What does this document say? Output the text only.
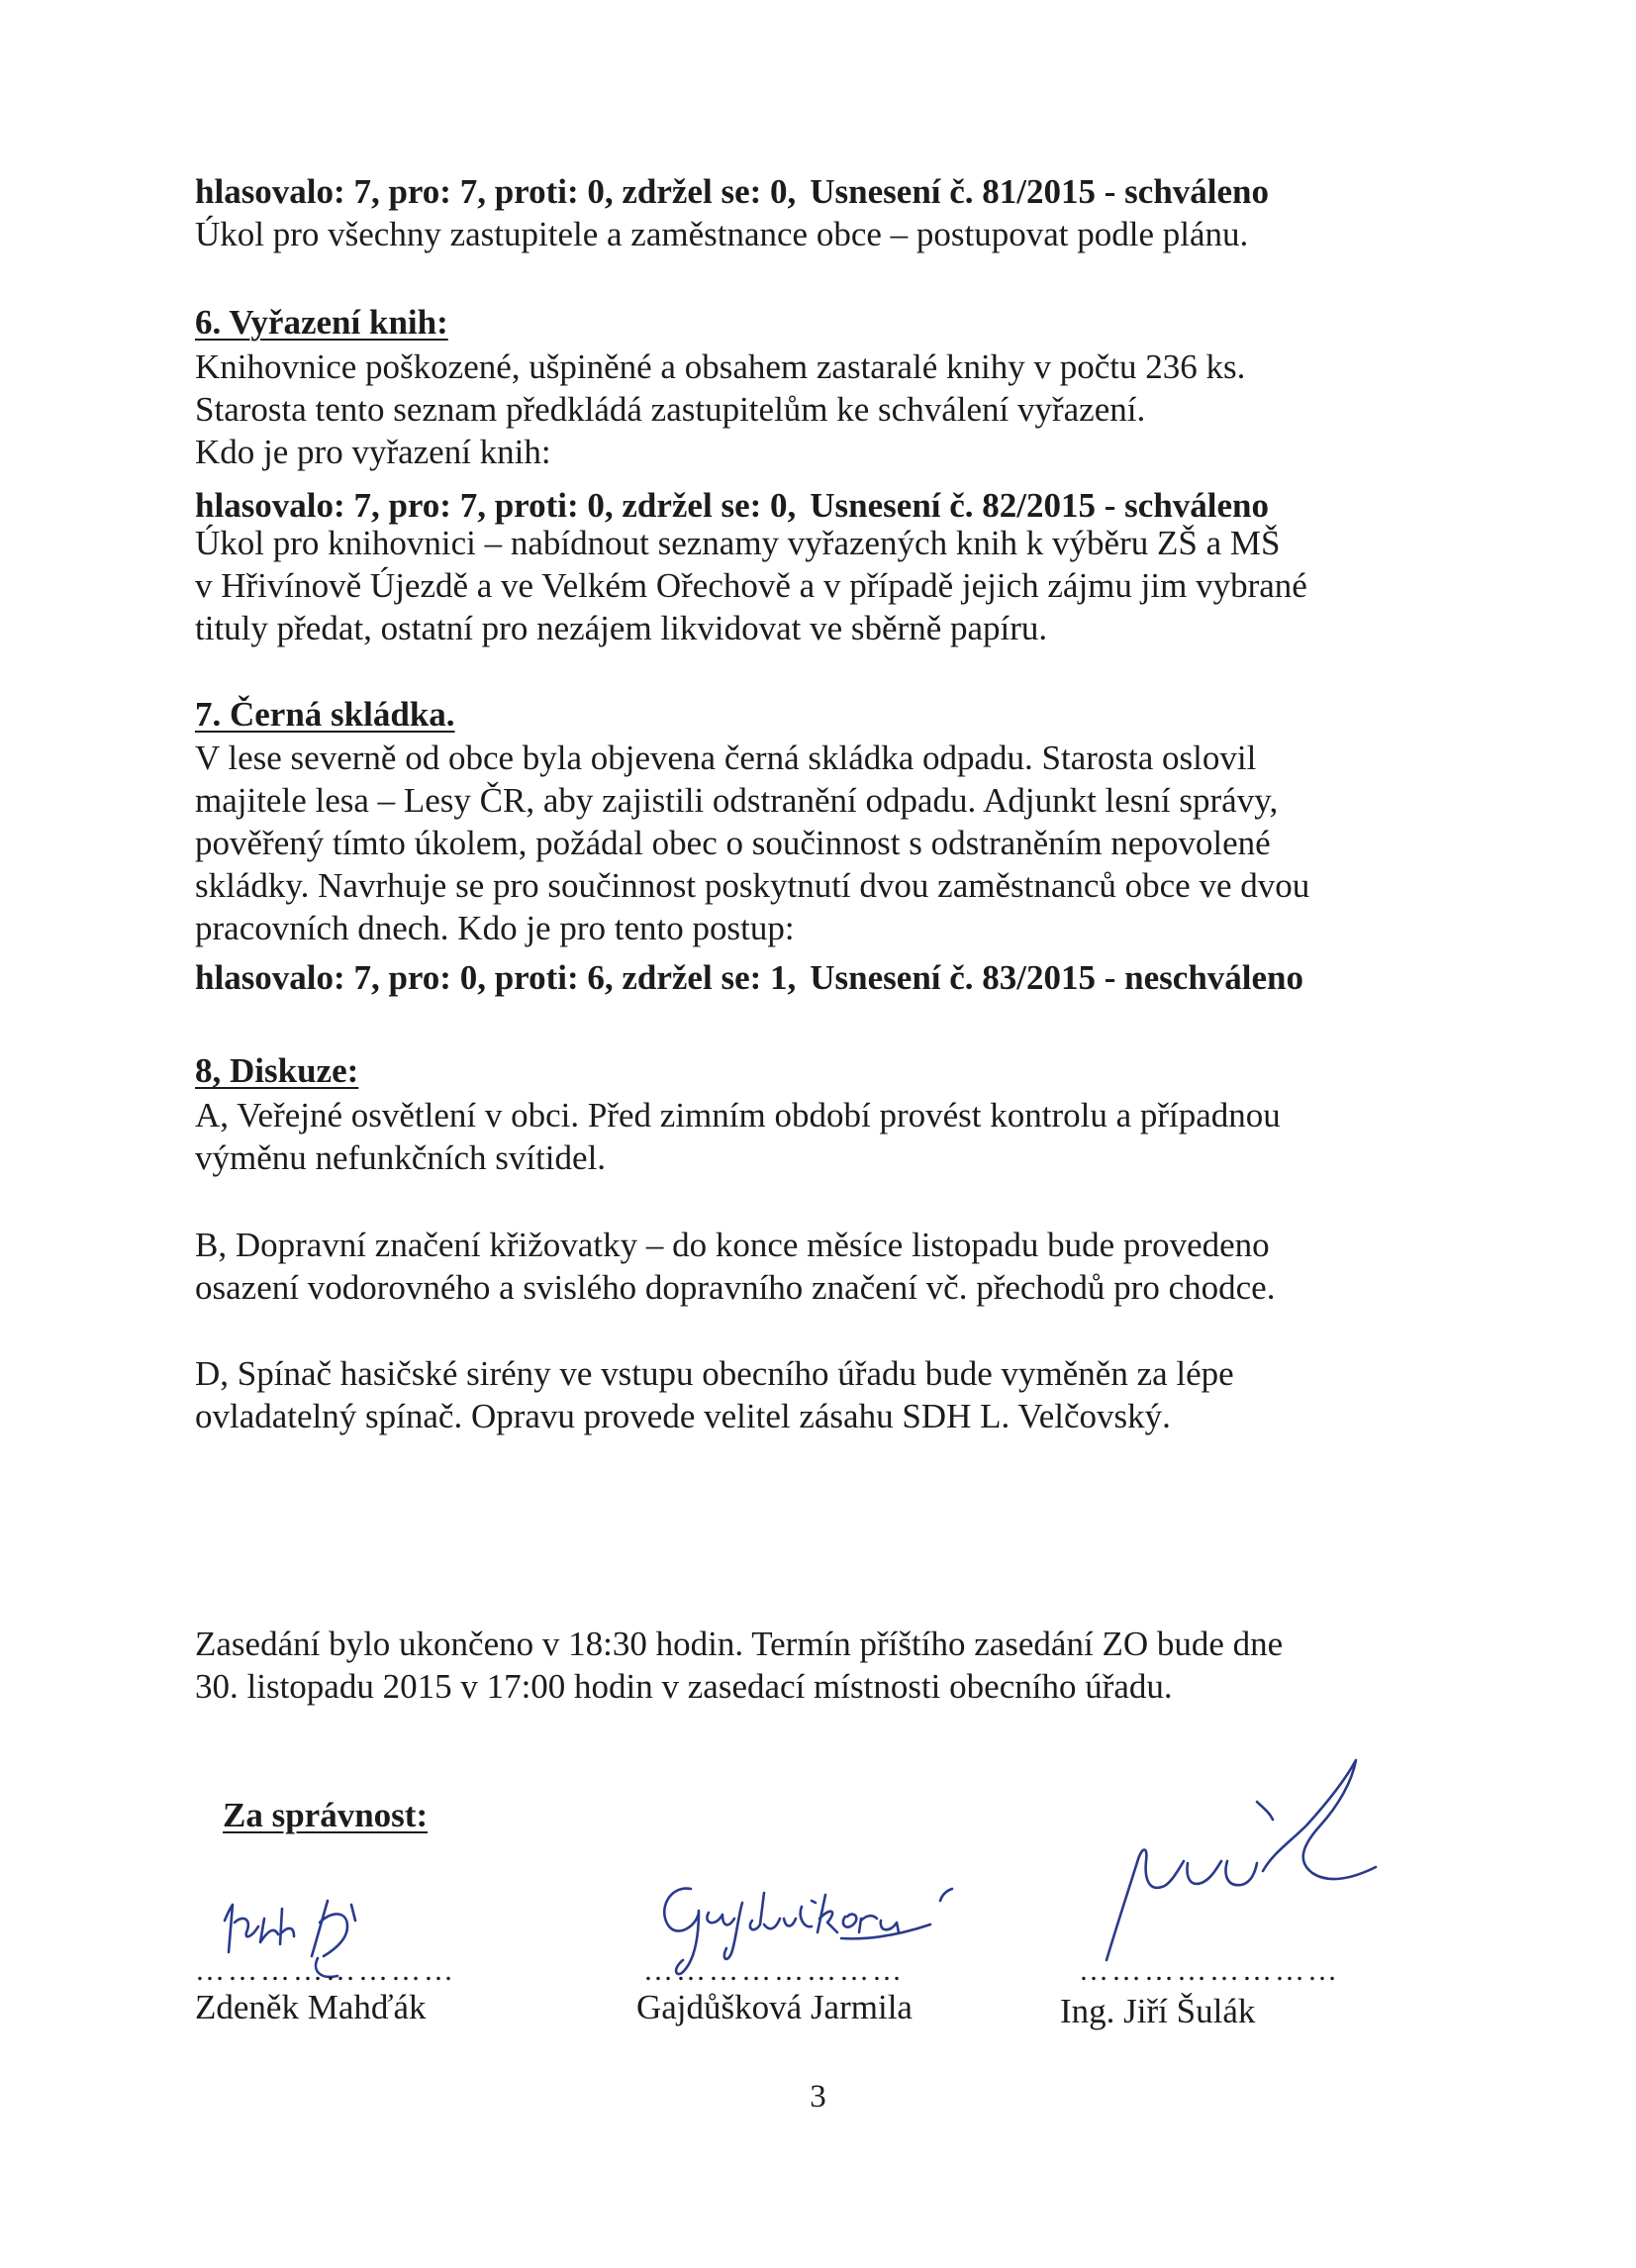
hlasovalo: 7, pro: 7, proti: 0, zdržel se: 0, Usnesení č. 81/2015 - schváleno
Úkol pro všechny zastupitele a zaměstnance obce – postupovat podle plánu.
6. Vyřazení knih:
Knihovnice poškozené, ušpiněné a obsahem zastaralé knihy v počtu 236 ks.
Starosta tento seznam předkládá zastupitelům ke schválení vyřazení.
Kdo je pro vyřazení knih:
hlasovalo: 7, pro: 7, proti: 0, zdržel se: 0, Usnesení č. 82/2015 - schváleno
Úkol pro knihovnici – nabídnout seznamy vyřazených knih k výběru ZŠ a MŠ
v Hřivínově Újezdě a ve Velkém Ořechově a v případě jejich zájmu jim vybrané
tituly předat, ostatní pro nezájem likvidovat ve sběrně papíru.
7. Černá skládka.
V lese severně od obce byla objevena černá skládka odpadu. Starosta oslovil
majitele lesa – Lesy ČR, aby zajistili odstranění odpadu. Adjunkt lesní správy,
pověřený tímto úkolem, požádal obec o součinnost s odstraněním nepovolené
skládky. Navrhuje se pro součinnost poskytnutí dvou zaměstnanců obce ve dvou
pracovních dnech. Kdo je pro tento postup:
hlasovalo: 7, pro: 0, proti: 6, zdržel se: 1, Usnesení č. 83/2015 - neschváleno
8, Diskuze:
A, Veřejné osvětlení v obci. Před zimním období provést kontrolu a případnou
výměnu nefunkčních svítidel.
B, Dopravní značení křižovatky – do konce měsíce listopadu bude provedeno
osazení vodorovného a svislého dopravního značení vč. přechodů pro chodce.
D, Spínač hasičské sirény ve vstupu obecního úřadu bude vyměněn za lépe
ovladatelný spínač. Opravu provede velitel zásahu SDH L. Velčovský.
Zasedání bylo ukončeno v 18:30 hodin. Termín příštího zasedání ZO bude dne
30. listopadu 2015 v 17:00 hodin v zasedací místnosti obecního úřadu.
Za správnost:
……………………
Zdeněk Mahďák
……………………
Gajdůšková Jarmila
……………………
Ing. Jiří Šulák
3
